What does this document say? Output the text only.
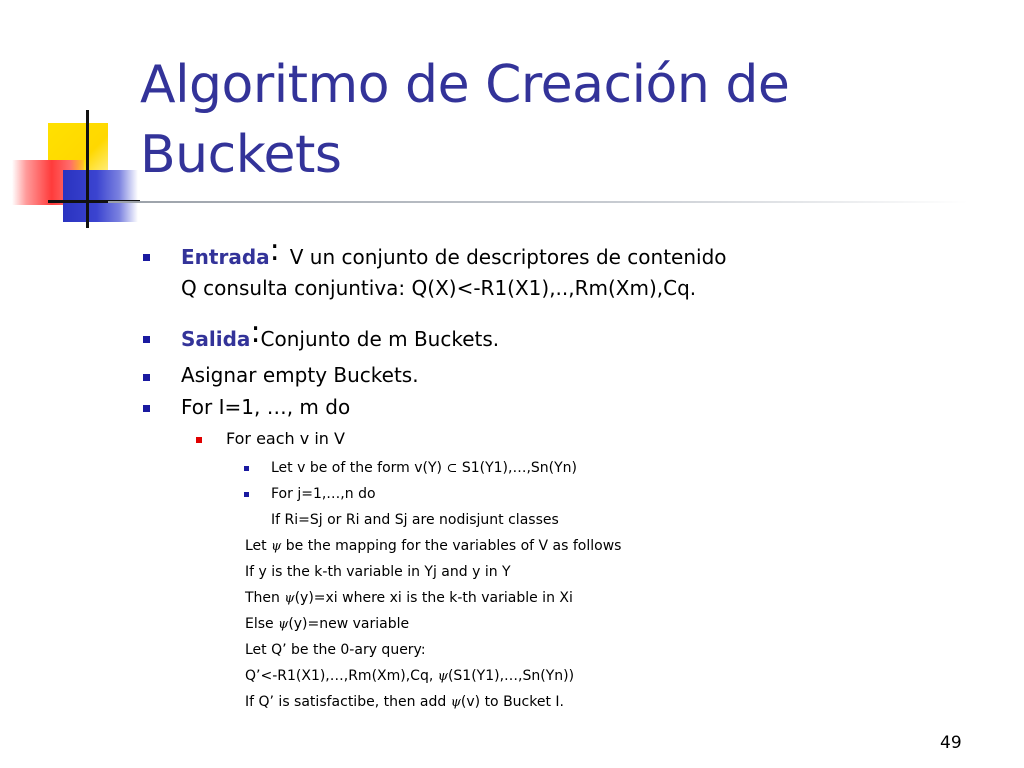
Algoritmo de Creación de
Buckets
Entrada: V un conjunto de descriptores de contenido
Q consulta conjuntiva: Q(X)<-R1(X1),..,Rm(Xm),Cq.
Salida:Conjunto de m Buckets.
Asignar empty Buckets.
For I=1, …, m do
For each v in V
Let v be of the form v(Y) ⊂ S1(Y1),…,Sn(Yn)
For j=1,…,n do
If Ri=Sj or Ri and Sj are nodisjunt classes
Let ψ be the mapping for the variables of V as follows
If y is the k-th variable in Yj and y in Y
Then ψ(y)=xi where xi is the k-th variable in Xi
Else ψ(y)=new variable
Let Q’ be the 0-ary query:
Q’<-R1(X1),…,Rm(Xm),Cq, ψ(S1(Y1),…,Sn(Yn))
If Q’ is satisfactibe, then add ψ(v) to Bucket I.
49
